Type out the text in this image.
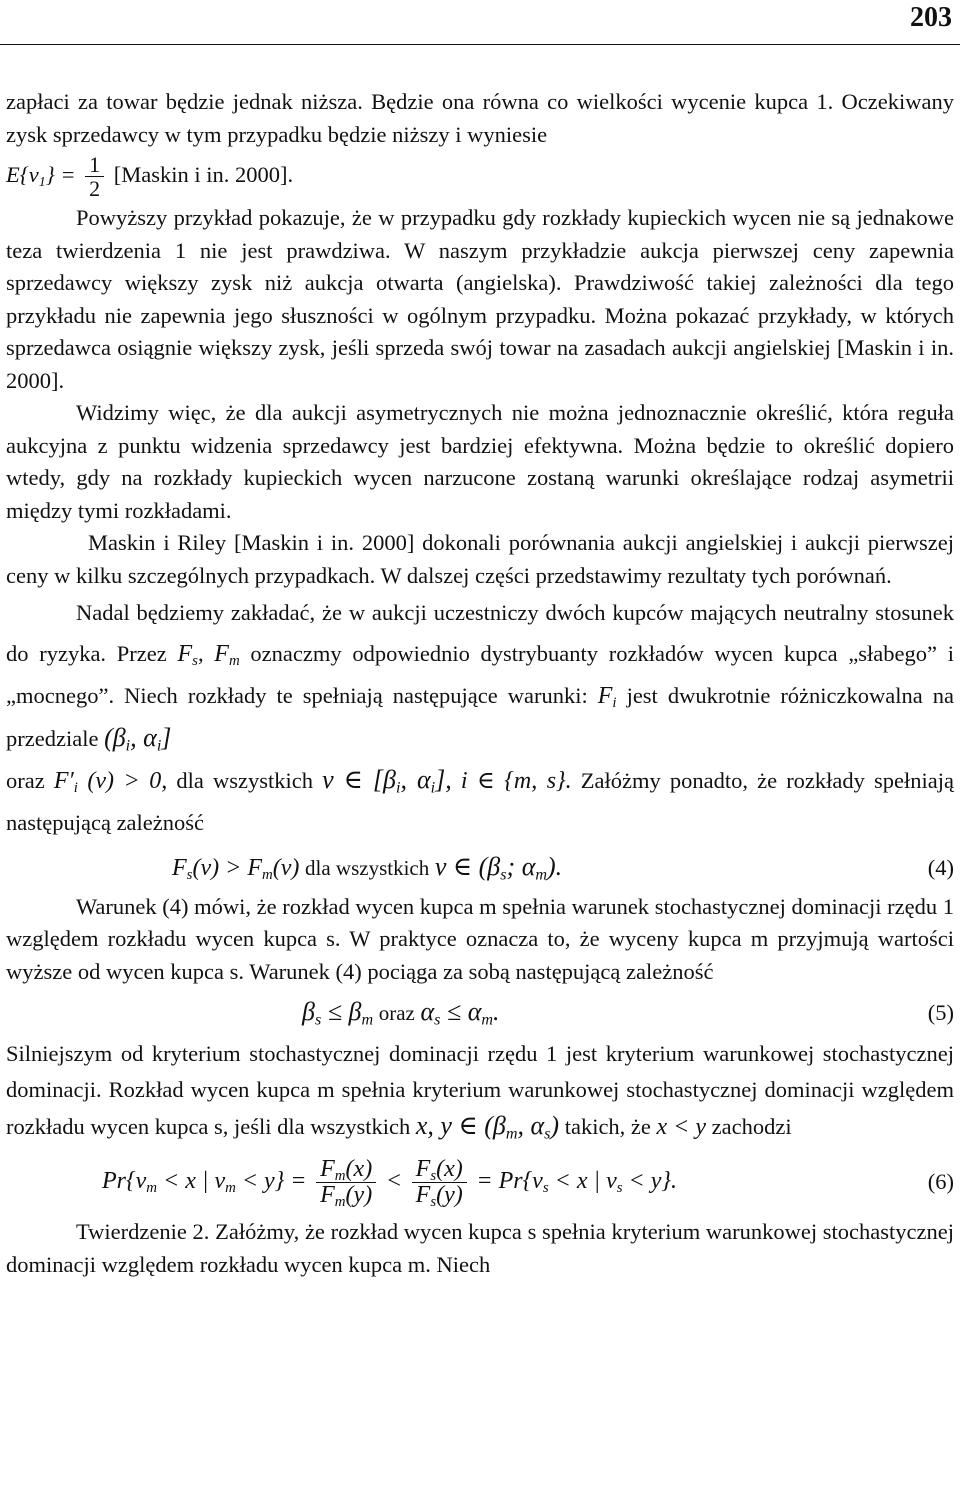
203

zapłaci za towar będzie jednak niższa. Będzie ona równa co wielkości wycenie kupca 1. Oczekiwany zysk sprzedawcy w tym przypadku będzie niższy i wyniesie

$E\{v_1\} = \frac{1}{2}$ [Maskin i in. 2000].

Powyższy przykład pokazuje, że w przypadku gdy rozkłady kupieckich wycen nie są jednakowe teza twierdzenia 1 nie jest prawdziwa. W naszym przykładzie aukcja pierwszej ceny zapewnia sprzedawcy większy zysk niż aukcja otwarta (angielska). Prawdziwość takiej zależności dla tego przykładu nie zapewnia jego słuszności w ogólnym przypadku. Można pokazać przykłady, w których sprzedawca osiągnie większy zysk, jeśli sprzeda swój towar na zasadach aukcji angielskiej [Maskin i in. 2000].

Widzimy więc, że dla aukcji asymetrycznych nie można jednoznacznie określić, która reguła aukcyjna z punktu widzenia sprzedawcy jest bardziej efektywna. Można będzie to określić dopiero wtedy, gdy na rozkłady kupieckich wycen narzucone zostaną warunki określające rodzaj asymetrii między tymi rozkładami.

Maskin i Riley [Maskin i in. 2000] dokonali porównania aukcji angielskiej i aukcji pierwszej ceny w kilku szczególnych przypadkach. W dalszej części przedstawimy rezultaty tych porównań.

Nadal będziemy zakładać, że w aukcji uczestniczy dwóch kupców mających neutralny stosunek do ryzyka. Przez $F_s$, $F_m$ oznaczmy odpowiednio dystrybuanty rozkładów wycen kupca „słabego” i „mocnego”. Niech rozkłady te spełniają następujące warunki: $F_i$ jest dwukrotnie różniczkowalna na przedziale ($\beta_i$, $\alpha_i$]

oraz $F'_i$ (v) > 0, dla wszystkich v ∈ [$\beta_i$, $\alpha_i$], i ∈ {m, s}. Załóżmy ponadto, że rozkłady spełniają następującą zależność

$F_s(v) > F_m(v)$ dla wszystkich v ∈ ($\beta_s$; $\alpha_m$).	(4)

Warunek (4) mówi, że rozkład wycen kupca m spełnia warunek stochastycznej dominacji rzędu 1 względem rozkładu wycen kupca s. W praktyce oznacza to, że wyceny kupca m przyjmują wartości wyższe od wycen kupca s. Warunek (4) pociąga za sobą następującą zależność

$\beta_s \le \beta_m$ oraz $\alpha_s \le \alpha_m$.	(5)

Silniejszym od kryterium stochastycznej dominacji rzędu 1 jest kryterium warunkowej stochastycznej dominacji. Rozkład wycen kupca m spełnia kryterium warunkowej stochastycznej dominacji względem rozkładu wycen kupca s, jeśli dla wszystkich x, y ∈ ($\beta_m$, $\alpha_s$) takich, że x < y zachodzi

$Pr\{v_m < x$ | $v_m < y\} = \frac{F_m(x)}{F_m(y)} < \frac{F_s(x)}{F_s(y)} = Pr\{v_s < x$ | $v_s < y$}.	(6)

Twierdzenie 2. Załóżmy, że rozkład wycen kupca s spełnia kryterium warunkowej stochastycznej dominacji względem rozkładu wycen kupca m. Niech
